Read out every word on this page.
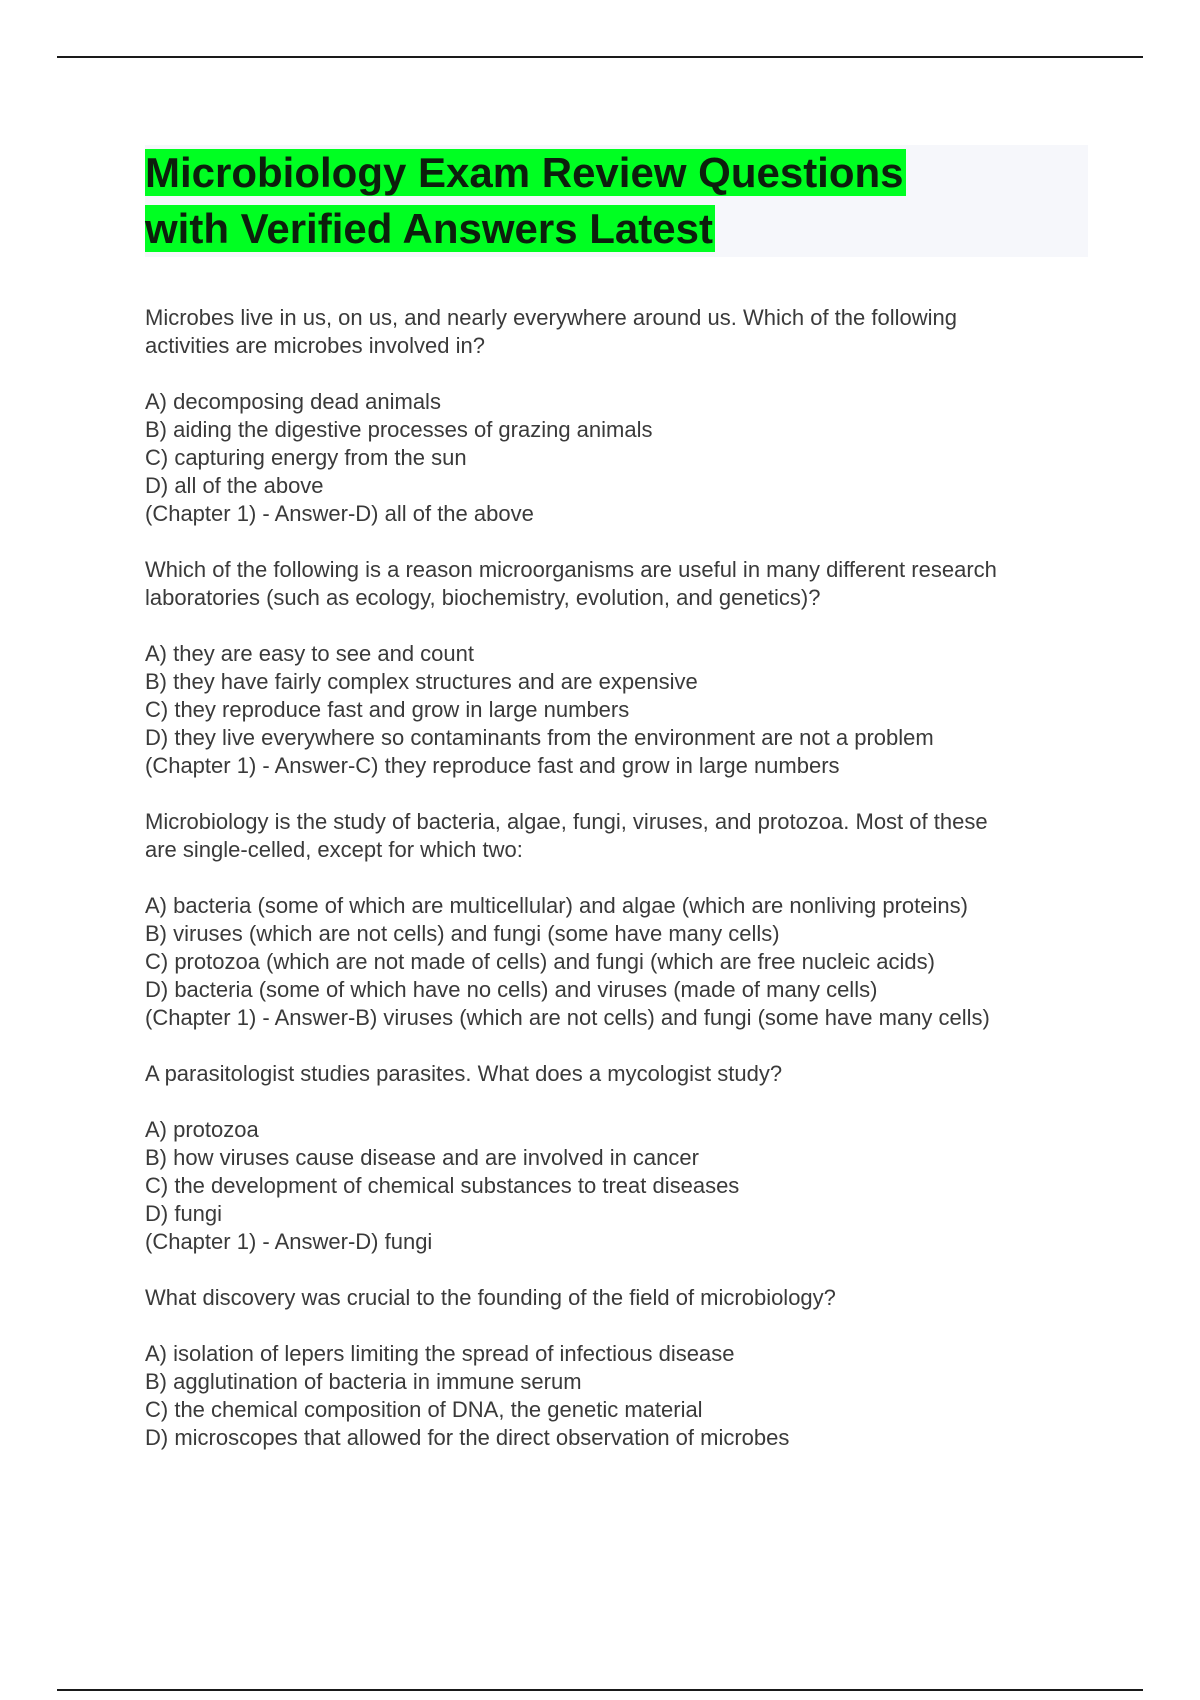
Microbiology Exam Review Questions
with Verified Answers Latest
Microbes live in us, on us, and nearly everywhere around us. Which of the following
activities are microbes involved in?
A) decomposing dead animals
B) aiding the digestive processes of grazing animals
C) capturing energy from the sun
D) all of the above
(Chapter 1) - Answer-D) all of the above
Which of the following is a reason microorganisms are useful in many different research
laboratories (such as ecology, biochemistry, evolution, and genetics)?
A) they are easy to see and count
B) they have fairly complex structures and are expensive
C) they reproduce fast and grow in large numbers
D) they live everywhere so contaminants from the environment are not a problem
(Chapter 1) - Answer-C) they reproduce fast and grow in large numbers
Microbiology is the study of bacteria, algae, fungi, viruses, and protozoa. Most of these
are single-celled, except for which two:
A) bacteria (some of which are multicellular) and algae (which are nonliving proteins)
B) viruses (which are not cells) and fungi (some have many cells)
C) protozoa (which are not made of cells) and fungi (which are free nucleic acids)
D) bacteria (some of which have no cells) and viruses (made of many cells)
(Chapter 1) - Answer-B) viruses (which are not cells) and fungi (some have many cells)
A parasitologist studies parasites. What does a mycologist study?
A) protozoa
B) how viruses cause disease and are involved in cancer
C) the development of chemical substances to treat diseases
D) fungi
(Chapter 1) - Answer-D) fungi
What discovery was crucial to the founding of the field of microbiology?
A) isolation of lepers limiting the spread of infectious disease
B) agglutination of bacteria in immune serum
C) the chemical composition of DNA, the genetic material
D) microscopes that allowed for the direct observation of microbes
